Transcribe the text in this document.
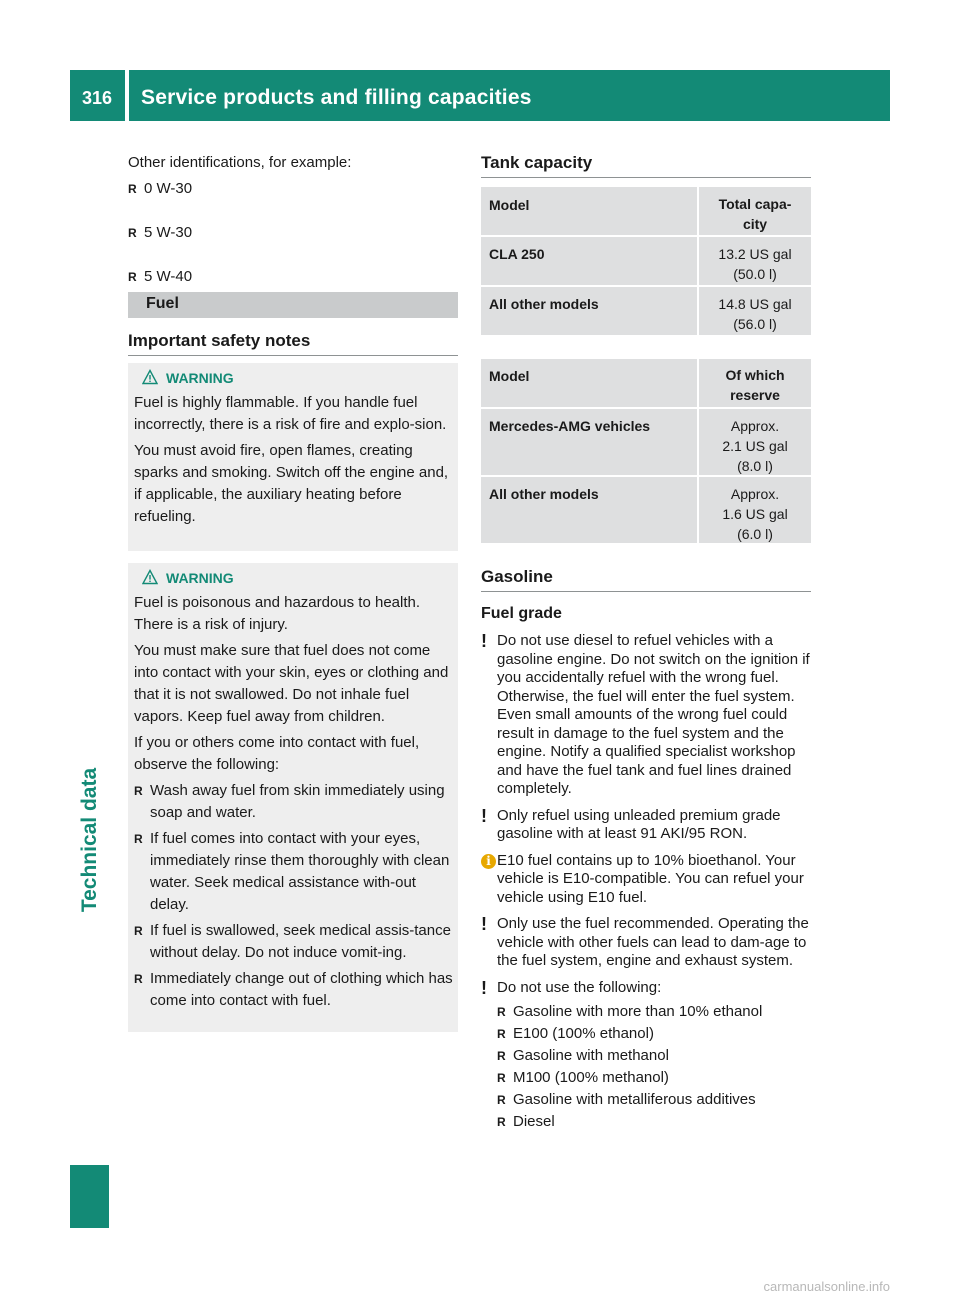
316 Service products and filling capacities
Technical data
Other identifications, for example:
R 0 W-30
R 5 W-30
R 5 W-40
Fuel
Important safety notes
WARNING
Fuel is highly flammable. If you handle fuel incorrectly, there is a risk of fire and explo-sion.
You must avoid fire, open flames, creating sparks and smoking. Switch off the engine and, if applicable, the auxiliary heating before refueling.
WARNING
Fuel is poisonous and hazardous to health. There is a risk of injury.
You must make sure that fuel does not come into contact with your skin, eyes or clothing and that it is not swallowed. Do not inhale fuel vapors. Keep fuel away from children.
If you or others come into contact with fuel, observe the following:
R Wash away fuel from skin immediately using soap and water.
R If fuel comes into contact with your eyes, immediately rinse them thoroughly with clean water. Seek medical assistance with-out delay.
R If fuel is swallowed, seek medical assis-tance without delay. Do not induce vomit-ing.
R Immediately change out of clothing which has come into contact with fuel.
Tank capacity
Model	Total capa-
city
CLA 250	13.2 US gal
(50.0 l)
All other models	14.8 US gal
(56.0 l)
Model	Of which
reserve
Mercedes-AMG vehicles	Approx.
2.1 US gal
(8.0 l)
All other models	Approx.
1.6 US gal
(6.0 l)
Gasoline
Fuel grade
! Do not use diesel to refuel vehicles with a gasoline engine. Do not switch on the ignition if you accidentally refuel with the wrong fuel. Otherwise, the fuel will enter the fuel system. Even small amounts of the wrong fuel could result in damage to the fuel system and the engine. Notify a qualified specialist workshop and have the fuel tank and fuel lines drained completely.
! Only refuel using unleaded premium grade gasoline with at least 91 AKI/95 RON.
i E10 fuel contains up to 10% bioethanol. Your vehicle is E10-compatible. You can refuel your vehicle using E10 fuel.
! Only use the fuel recommended. Operating the vehicle with other fuels can lead to dam-age to the fuel system, engine and exhaust system.
! Do not use the following:
R Gasoline with more than 10% ethanol
R E100 (100% ethanol)
R Gasoline with methanol
R M100 (100% methanol)
R Gasoline with metalliferous additives
R Diesel
carmanualsonline.info
